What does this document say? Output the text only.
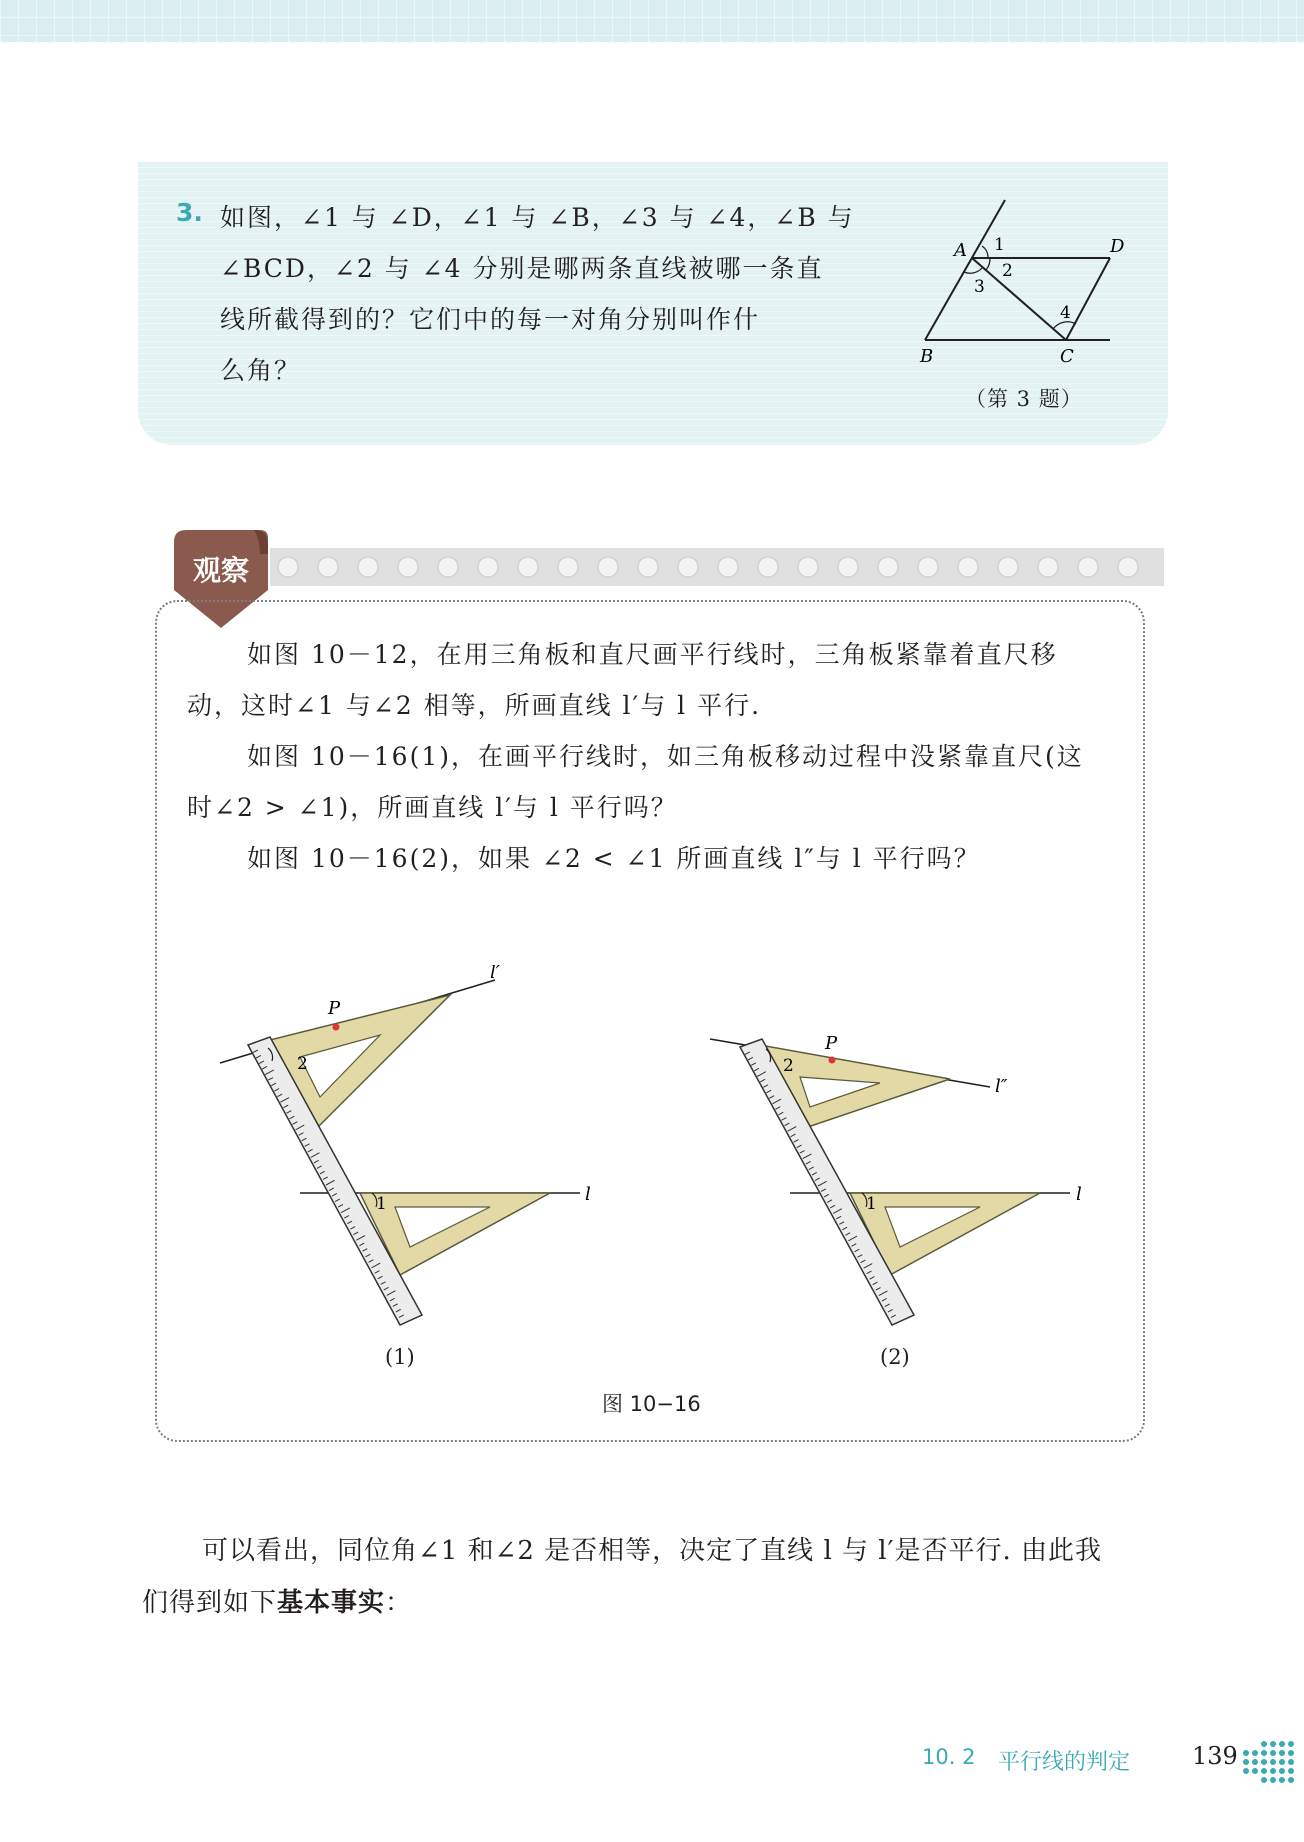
3. 如图，∠1 与 ∠D，∠1 与 ∠B，∠3 与 ∠4，∠B 与
∠BCD，∠2 与 ∠4 分别是哪两条直线被哪一条直
线所截得到的？它们中的每一对角分别叫作什
么角？
A 1
2
3
4
D
B	C
（第 3 题）
观察
如图 10－12，在用三角板和直尺画平行线时，三角板紧靠着直尺移
动，这时∠1 与∠2 相等，所画直线 l′与 l 平行.
如图 10－16(1)，在画平行线时，如三角板移动过程中没紧靠直尺(这
时∠2 > ∠1)，所画直线 l′与 l 平行吗？
如图 10－16(2)，如果 ∠2 < ∠1 所画直线 l″与 l 平行吗？
P
l′
l
2
1
P
l″
l
2
1
(1)	(2)
图 10−16
可以看出，同位角∠1 和∠2 是否相等，决定了直线 l 与 l′是否平行. 由此我
们得到如下基本事实：
10. 2 平行线的判定	139
